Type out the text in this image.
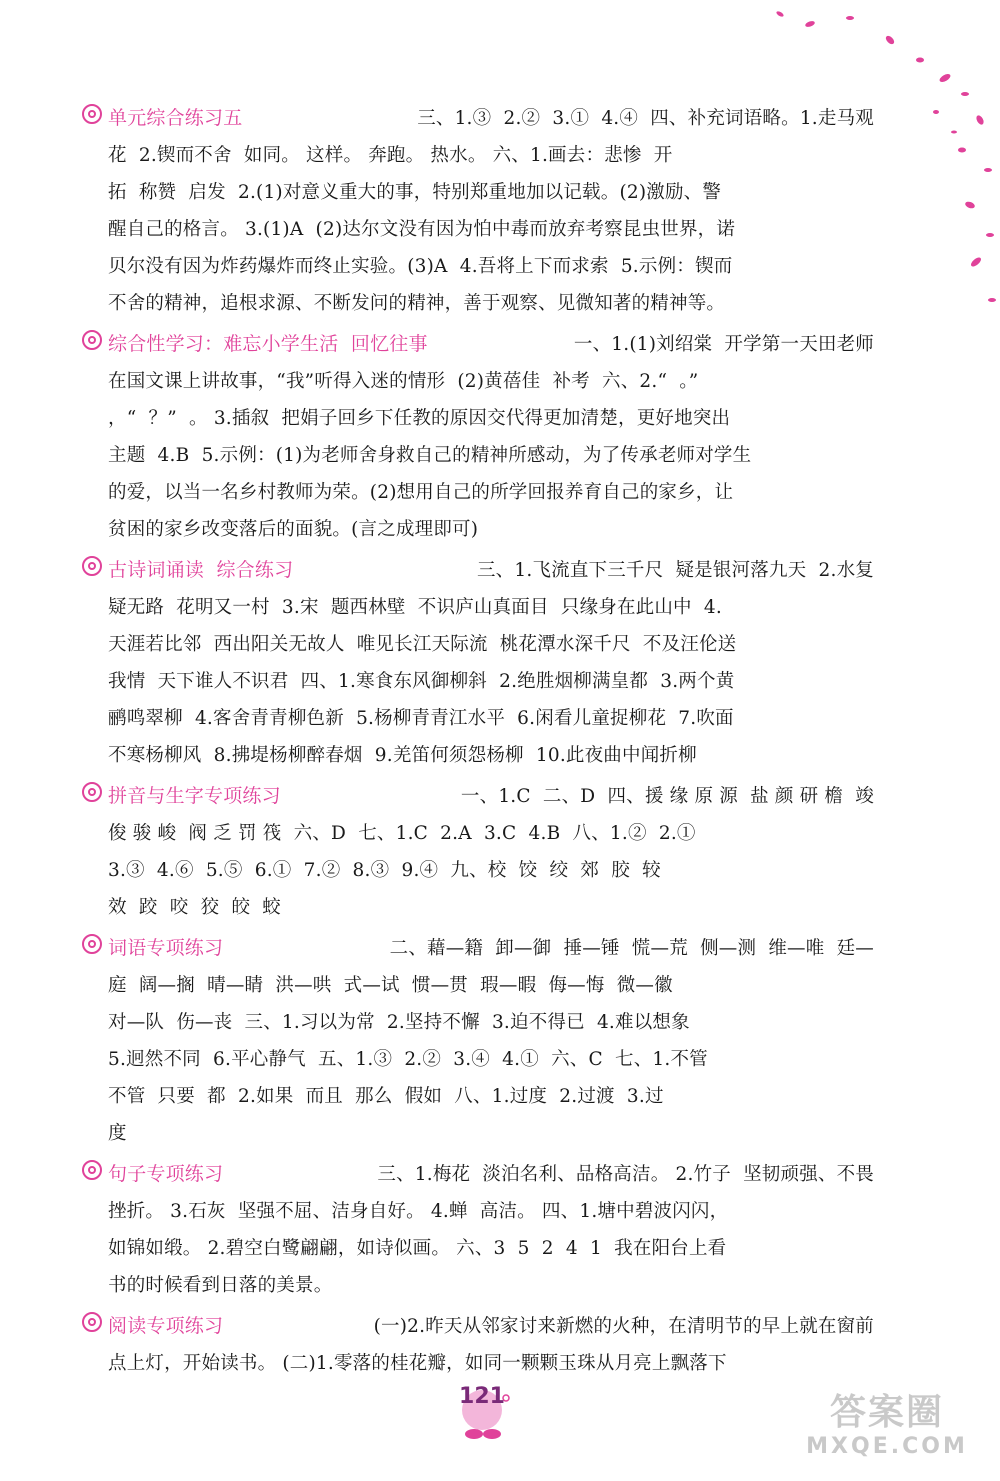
单元综合练习五	三、1.③  2.②  3.①  4.④  四、补充词语略。1.走马观
花  2.锲而不舍  如同。 这样。 奔跑。 热水。 六、1.画去：悲惨  开
拓  称赞  启发  2.(1)对意义重大的事，特别郑重地加以记载。(2)激励、警
醒自己的格言。 3.(1)A  (2)达尔文没有因为怕中毒而放弃考察昆虫世界，诺
贝尔没有因为炸药爆炸而终止实验。(3)A  4.吾将上下而求索  5.示例：锲而
不舍的精神，追根求源、不断发问的精神，善于观察、见微知著的精神等。
综合性学习：难忘小学生活  回忆往事	一、1.(1)刘绍棠  开学第一天田老师
在国文课上讲故事，“我”听得入迷的情形  (2)黄蓓佳  补考  六、2.“  。”
，“  ？”  。 3.插叙  把娟子回乡下任教的原因交代得更加清楚，更好地突出
主题  4.B  5.示例：(1)为老师舍身救自己的精神所感动，为了传承老师对学生
的爱，以当一名乡村教师为荣。(2)想用自己的所学回报养育自己的家乡，让
贫困的家乡改变落后的面貌。(言之成理即可)
古诗词诵读  综合练习	三、1.飞流直下三千尺  疑是银河落九天  2.水复
疑无路  花明又一村  3.宋  题西林壁  不识庐山真面目  只缘身在此山中  4.
天涯若比邻  西出阳关无故人  唯见长江天际流  桃花潭水深千尺  不及汪伦送
我情  天下谁人不识君  四、1.寒食东风御柳斜  2.绝胜烟柳满皇都  3.两个黄
鹂鸣翠柳  4.客舍青青柳色新  5.杨柳青青江水平  6.闲看儿童捉柳花  7.吹面
不寒杨柳风  8.拂堤杨柳醉春烟  9.羌笛何须怨杨柳  10.此夜曲中闻折柳
拼音与生字专项练习	一、1.C  二、D  四、援 缘 原 源  盐 颜 研 檐  竣
俊 骏 峻  阀 乏 罚 筏  六、D  七、1.C  2.A  3.C  4.B  八、1.②  2.①
3.③  4.⑥  5.⑤  6.①  7.②  8.③  9.④  九、校  饺  绞  郊  胶  较
效  跤  咬  狡  皎  蛟
词语专项练习	二、藉—籍  卸—御  捶—锤  慌—荒  侧—测  维—唯  廷—
庭  阔—搁  晴—睛  洪—哄  式—试  惯—贯  瑕—暇  侮—悔  微—徽
对—队  伤—丧  三、1.习以为常  2.坚持不懈  3.迫不得已  4.难以想象
5.迥然不同  6.平心静气  五、1.③  2.②  3.④  4.①  六、C  七、1.不管
不管  只要  都  2.如果  而且  那么  假如  八、1.过度  2.过渡  3.过
度
句子专项练习	三、1.梅花  淡泊名利、品格高洁。 2.竹子  坚韧顽强、不畏
挫折。 3.石灰  坚强不屈、洁身自好。 4.蝉  高洁。 四、1.塘中碧波闪闪，
如锦如缎。 2.碧空白鹭翩翩，如诗似画。 六、3  5  2  4  1  我在阳台上看
书的时候看到日落的美景。
阅读专项练习	(一)2.昨天从邻家讨来新燃的火种，在清明节的早上就在窗前
点上灯，开始读书。 (二)1.零落的桂花瓣，如同一颗颗玉珠从月亮上飘落下
121	答案圈
MXQE.COM
